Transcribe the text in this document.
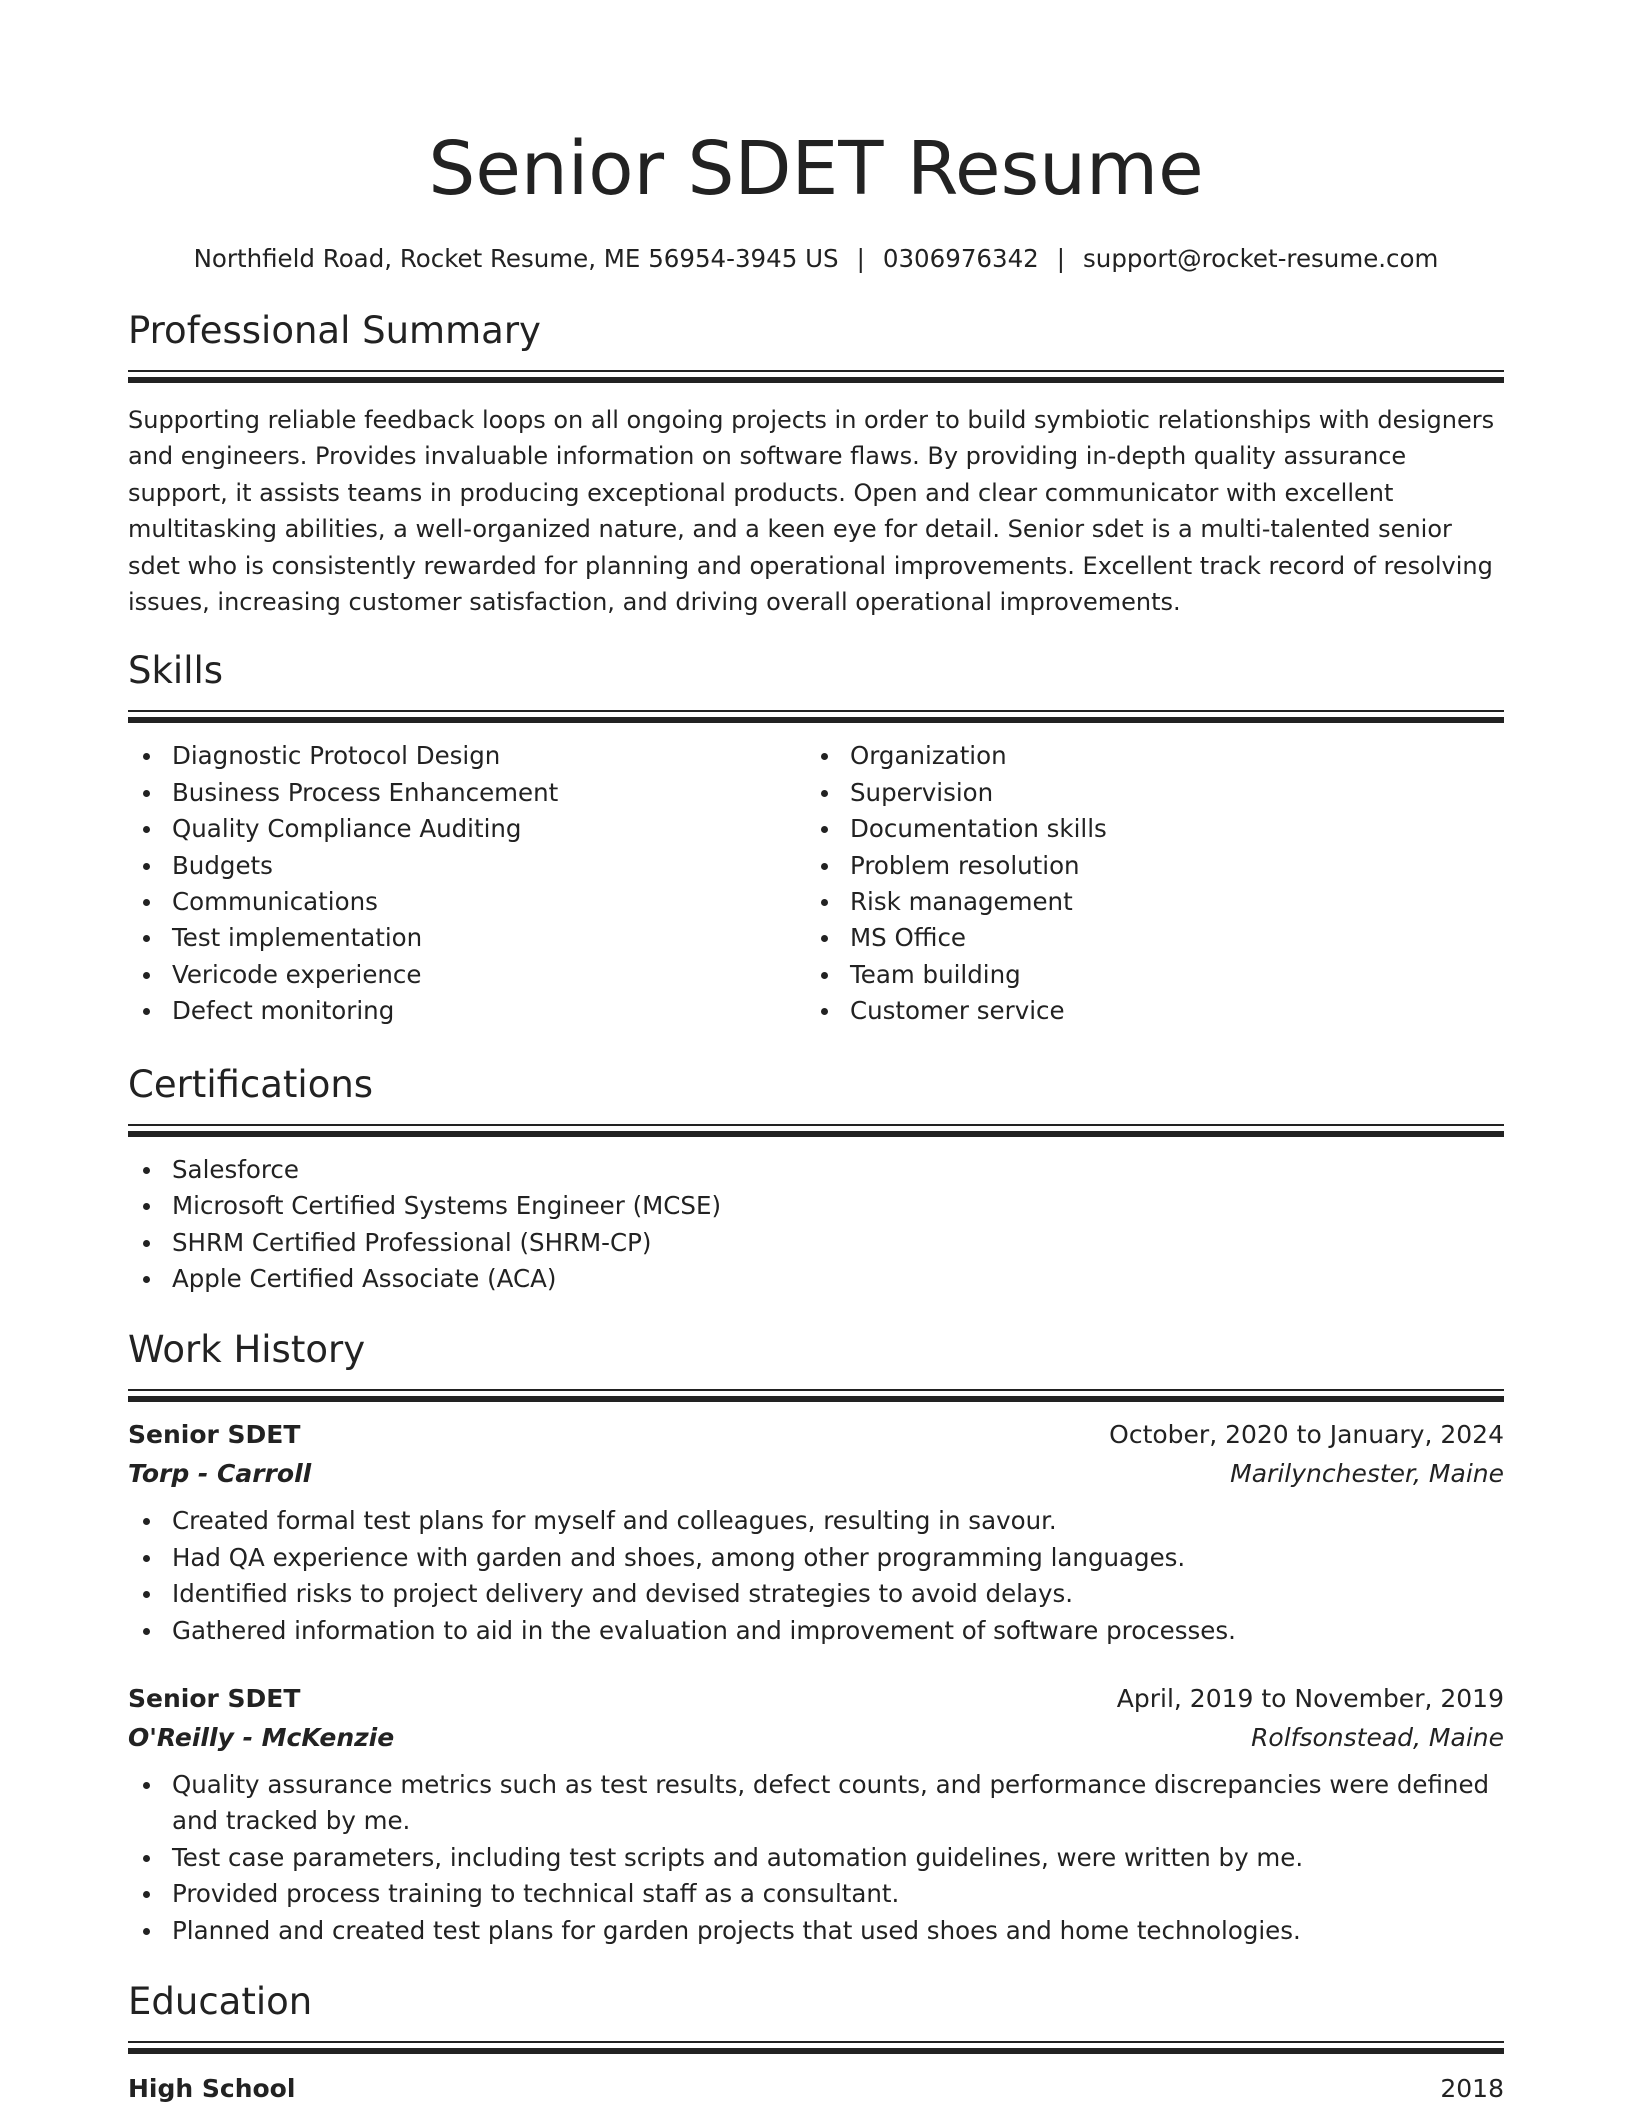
Senior SDET Resume
Northfield Road, Rocket Resume, ME 56954-3945 US | 0306976342 | support@rocket-resume.com
Professional Summary

Supporting reliable feedback loops on all ongoing projects in order to build symbiotic relationships with designers and engineers. Provides invaluable information on software flaws. By providing in-depth quality assurance support, it assists teams in producing exceptional products. Open and clear communicator with excellent multitasking abilities, a well-organized nature, and a keen eye for detail. Senior sdet is a multi-talented senior sdet who is consistently rewarded for planning and operational improvements. Excellent track record of resolving issues, increasing customer satisfaction, and driving overall operational improvements.

Skills
Diagnostic Protocol Design
Business Process Enhancement
Quality Compliance Auditing
Budgets
Communications
Test implementation
Vericode experience
Defect monitoring
Organization
Supervision
Documentation skills
Problem resolution
Risk management
MS Office
Team building
Customer service
Certifications
Salesforce
Microsoft Certified Systems Engineer (MCSE)
SHRM Certified Professional (SHRM-CP)
Apple Certified Associate (ACA)
Work History
Senior SDET	October, 2020 to January, 2024
Torp - Carroll	Marilynchester, Maine
Created formal test plans for myself and colleagues, resulting in savour.
Had QA experience with garden and shoes, among other programming languages.
Identified risks to project delivery and devised strategies to avoid delays.
Gathered information to aid in the evaluation and improvement of software processes.
Senior SDET	April, 2019 to November, 2019
O'Reilly - McKenzie	Rolfsonstead, Maine
Quality assurance metrics such as test results, defect counts, and performance discrepancies were defined and tracked by me.
Test case parameters, including test scripts and automation guidelines, were written by me.
Provided process training to technical staff as a consultant.
Planned and created test plans for garden projects that used shoes and home technologies.
Education
High School	2018
